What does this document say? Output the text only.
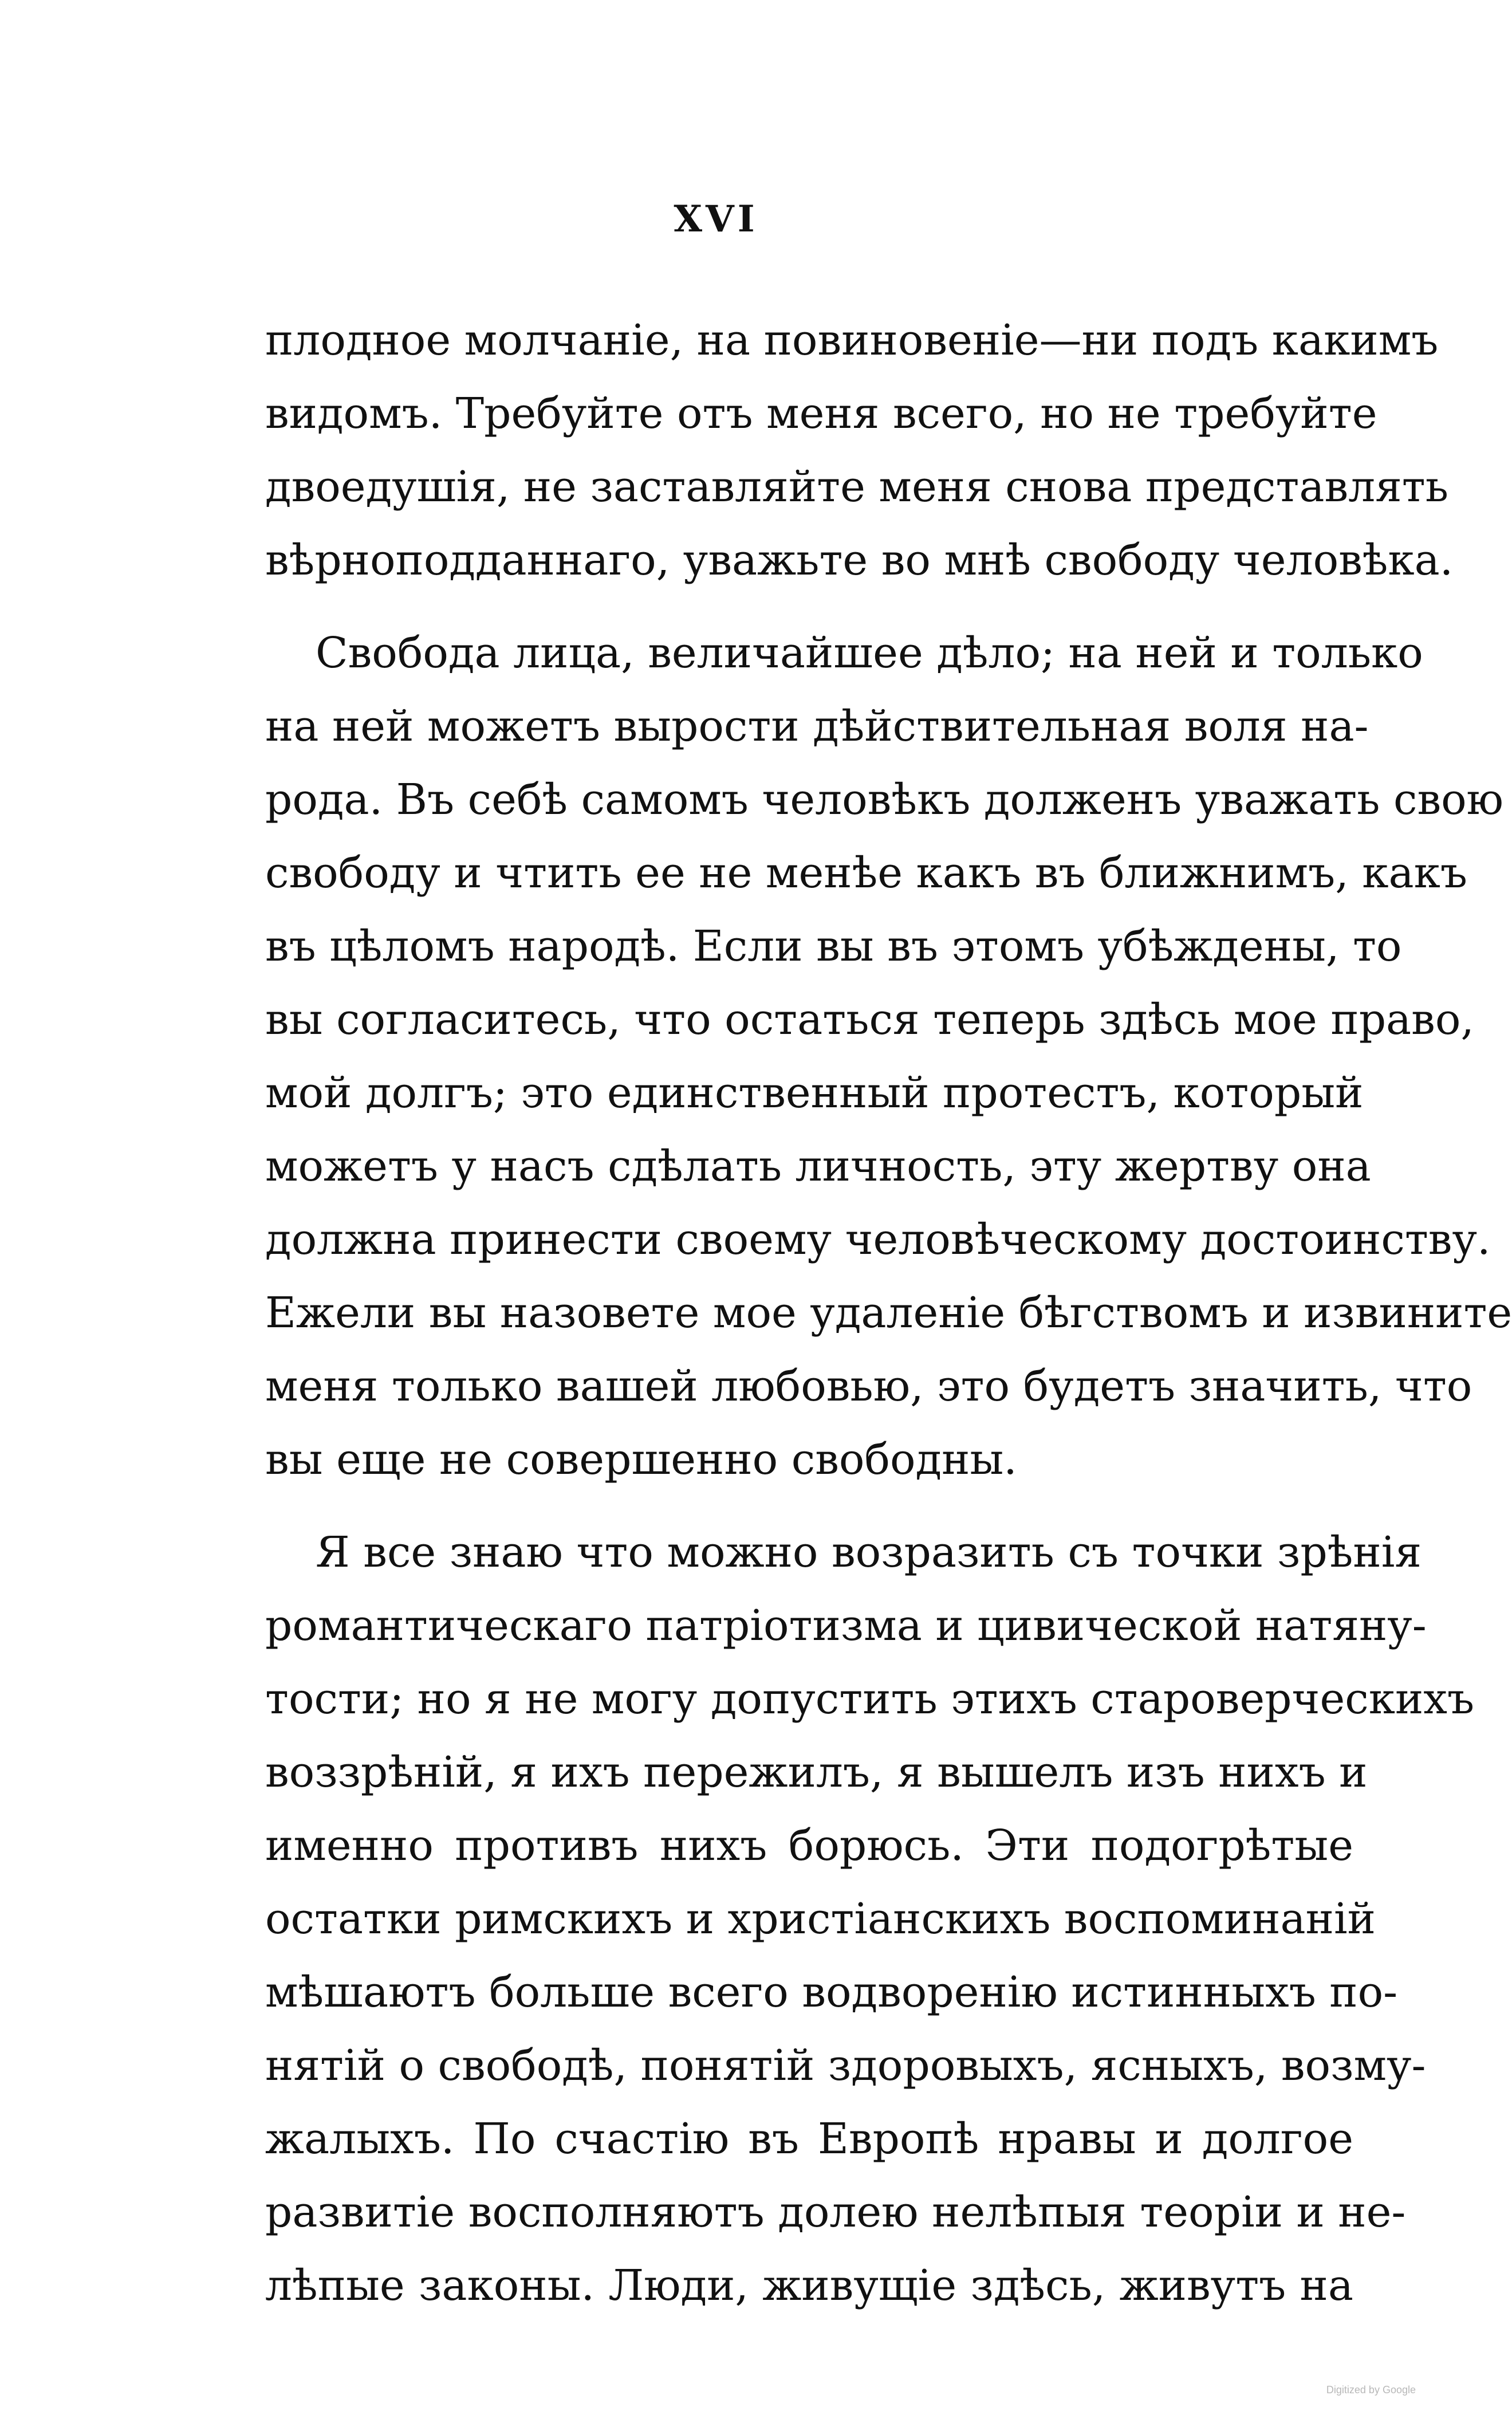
XVI
плодное молчаніе, на повиновеніе—ни подъ какимъ
видомъ. Требуйте отъ меня всего, но не требуйте
двоедушія, не заставляйте меня снова представлять
вѣрноподданнаго, уважьте во мнѣ свободу человѣка.
Свобода лица, величайшее дѣло; на ней и только
на ней можетъ вырости дѣйствительная воля на-
рода. Въ себѣ самомъ человѣкъ долженъ уважать свою
свободу и чтить ее не менѣе какъ въ ближнимъ, какъ
въ цѣломъ народѣ. Если вы въ этомъ убѣждены, то
вы согласитесь, что остаться теперь здѣсь мое право,
мой долгъ; это единственный протестъ, который
можетъ у насъ сдѣлать личность, эту жертву она
должна принести своему человѣческому достоинству.
Ежели вы назовете мое удаленіе бѣгствомъ и извините
меня только вашей любовью, это будетъ значить, что
вы еще не совершенно свободны.
Я все знаю что можно возразить съ точки зрѣнія
романтическаго патріотизма и цивической натяну-
тости; но я не могу допустить этихъ староверческихъ
воззрѣній, я ихъ пережилъ, я вышелъ изъ нихъ и
именно противъ нихъ борюсь. Эти подогрѣтые
остатки римскихъ и христіанскихъ воспоминаній
мѣшаютъ больше всего водворенію истинныхъ по-
нятій о свободѣ, понятій здоровыхъ, ясныхъ, возму-
жалыхъ. По счастію въ Европѣ нравы и долгое
развитіе восполняютъ долею нелѣпыя теоріи и не-
лѣпые законы. Люди, живущіе здѣсь, живутъ на
Digitized by Google
